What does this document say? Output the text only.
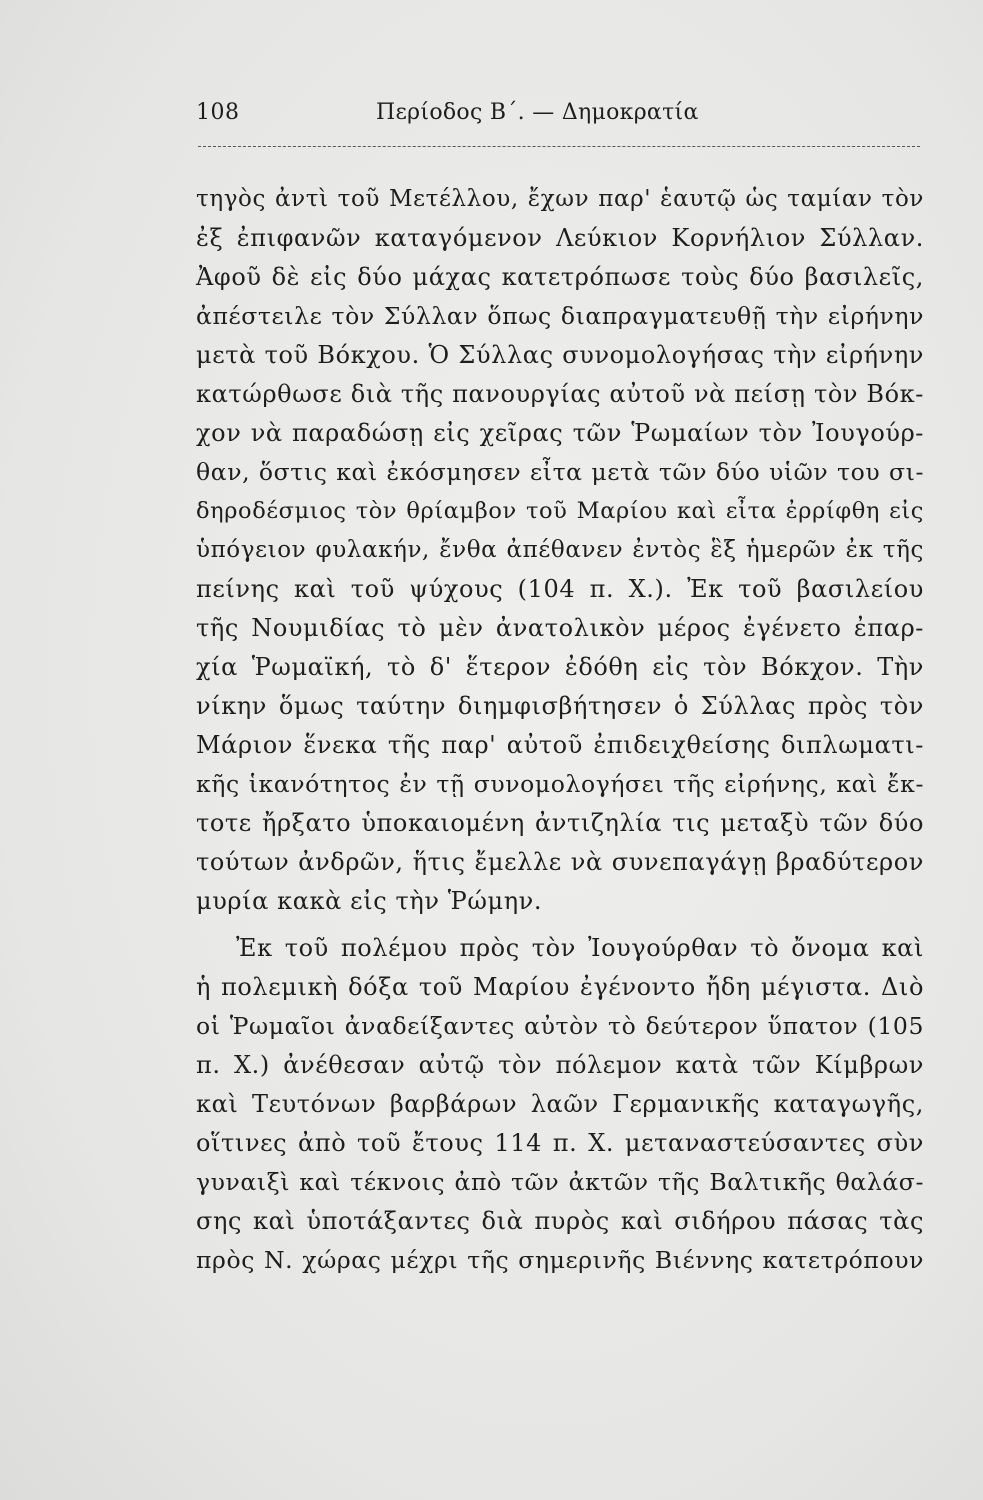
108	Περίοδος Β΄. — Δημοκρατία
τηγὸς ἀντὶ τοῦ Μετέλλου, ἔχων παρ' ἑαυτῷ ὡς ταμίαν τὸν
ἐξ ἐπιφανῶν καταγόμενον Λεύκιον Κορνήλιον Σύλλαν.
Ἀφοῦ δὲ εἰς δύο μάχας κατετρόπωσε τοὺς δύο βασιλεῖς,
ἀπέστειλε τὸν Σύλλαν ὅπως διαπραγματευθῇ τὴν εἰρήνην
μετὰ τοῦ Βόκχου. Ὁ Σύλλας συνομολογήσας τὴν εἰρήνην
κατώρθωσε διὰ τῆς πανουργίας αὐτοῦ νὰ πείσῃ τὸν Βόκ-
χον νὰ παραδώσῃ εἰς χεῖρας τῶν Ῥωμαίων τὸν Ἰουγούρ-
θαν, ὅστις καὶ ἐκόσμησεν εἶτα μετὰ τῶν δύο υἱῶν του σι-
δηροδέσμιος τὸν θρίαμβον τοῦ Μαρίου καὶ εἶτα ἐρρίφθη εἰς
ὑπόγειον φυλακήν, ἔνθα ἀπέθανεν ἐντὸς ἓξ ἡμερῶν ἐκ τῆς
πείνης καὶ τοῦ ψύχους (104 π. Χ.). Ἐκ τοῦ βασιλείου
τῆς Νουμιδίας τὸ μὲν ἀνατολικὸν μέρος ἐγένετο ἐπαρ-
χία Ῥωμαϊκή, τὸ δ' ἕτερον ἐδόθη εἰς τὸν Βόκχον. Τὴν
νίκην ὅμως ταύτην διημφισβήτησεν ὁ Σύλλας πρὸς τὸν
Μάριον ἕνεκα τῆς παρ' αὐτοῦ ἐπιδειχθείσης διπλωματι-
κῆς ἱκανότητος ἐν τῇ συνομολογήσει τῆς εἰρήνης, καὶ ἔκ-
τοτε ἤρξατο ὑποκαιομένη ἀντιζηλία τις μεταξὺ τῶν δύο
τούτων ἀνδρῶν, ἥτις ἔμελλε νὰ συνεπαγάγῃ βραδύτερον
μυρία κακὰ εἰς τὴν Ῥώμην.
Ἐκ τοῦ πολέμου πρὸς τὸν Ἰουγούρθαν τὸ ὄνομα καὶ
ἡ πολεμικὴ δόξα τοῦ Μαρίου ἐγένοντο ἤδη μέγιστα. Διὸ
οἱ Ῥωμαῖοι ἀναδείξαντες αὐτὸν τὸ δεύτερον ὕπατον (105
π. Χ.) ἀνέθεσαν αὐτῷ τὸν πόλεμον κατὰ τῶν Κίμβρων
καὶ Τευτόνων βαρβάρων λαῶν Γερμανικῆς καταγωγῆς,
οἵτινες ἀπὸ τοῦ ἔτους 114 π. Χ. μεταναστεύσαντες σὺν
γυναιξὶ καὶ τέκνοις ἀπὸ τῶν ἀκτῶν τῆς Βαλτικῆς θαλάσ-
σης καὶ ὑποτάξαντες διὰ πυρὸς καὶ σιδήρου πάσας τὰς
πρὸς Ν. χώρας μέχρι τῆς σημερινῆς Βιέννης κατετρόπουν
